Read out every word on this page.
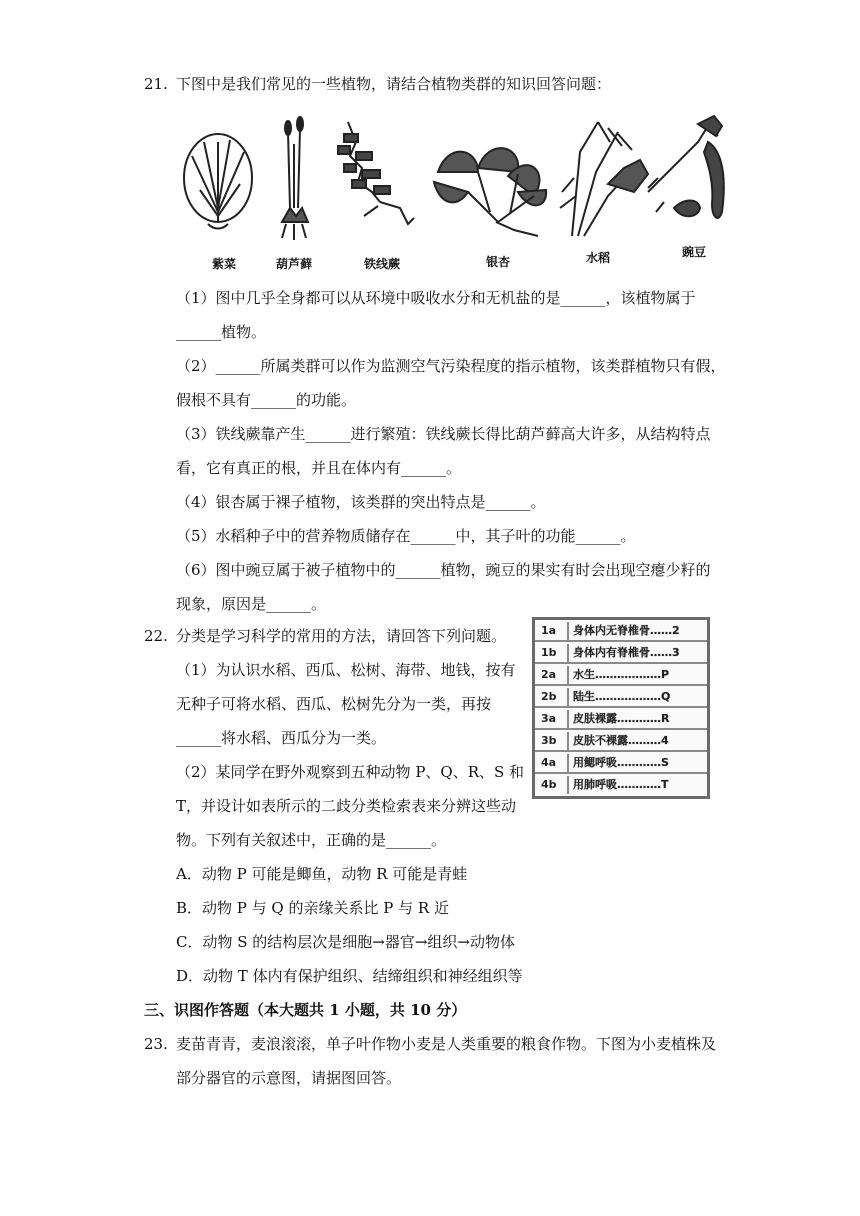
21. 下图中是我们常见的一些植物，请结合植物类群的知识回答问题：
紫菜	葫芦藓	铁线蕨	银杏	水稻	豌豆
（1）图中几乎全身都可以从环境中吸收水分和无机盐的是______，该植物属于
______植物。
（2）______所属类群可以作为监测空气污染程度的指示植物，该类群植物只有假，
假根不具有______的功能。
（3）铁线蕨靠产生______进行繁殖：铁线蕨长得比葫芦藓高大许多，从结构特点
看，它有真正的根，并且在体内有______。
（4）银杏属于裸子植物，该类群的突出特点是______。
（5）水稻种子中的营养物质储存在______中，其子叶的功能______。
（6）图中豌豆属于被子植物中的______植物，豌豆的果实有时会出现空瘪少籽的
现象，原因是______。
22. 分类是学习科学的常用的方法，请回答下列问题。
（1）为认识水稻、西瓜、松树、海带、地钱，按有
无种子可将水稻、西瓜、松树先分为一类，再按
______将水稻、西瓜分为一类。
（2）某同学在野外观察到五种动物 P、Q、R、S 和
T，并设计如表所示的二歧分类检索表来分辨这些动
物。下列有关叙述中，正确的是______。
1a	身体内无脊椎骨……2
1b	身体内有脊椎骨……3
2a	水生………………P
2b	陆生………………Q
3a	皮肤裸露…………R
3b	皮肤不裸露………4
4a	用鳃呼吸…………S
4b	用肺呼吸…………T
A．动物 P 可能是鲫鱼，动物 R 可能是青蛙
B．动物 P 与 Q 的亲缘关系比 P 与 R 近
C．动物 S 的结构层次是细胞→器官→组织→动物体
D．动物 T 体内有保护组织、结缔组织和神经组织等
三、识图作答题（本大题共 1 小题，共 10 分）
23. 麦苗青青，麦浪滚滚，单子叶作物小麦是人类重要的粮食作物。下图为小麦植株及
部分器官的示意图，请据图回答。
